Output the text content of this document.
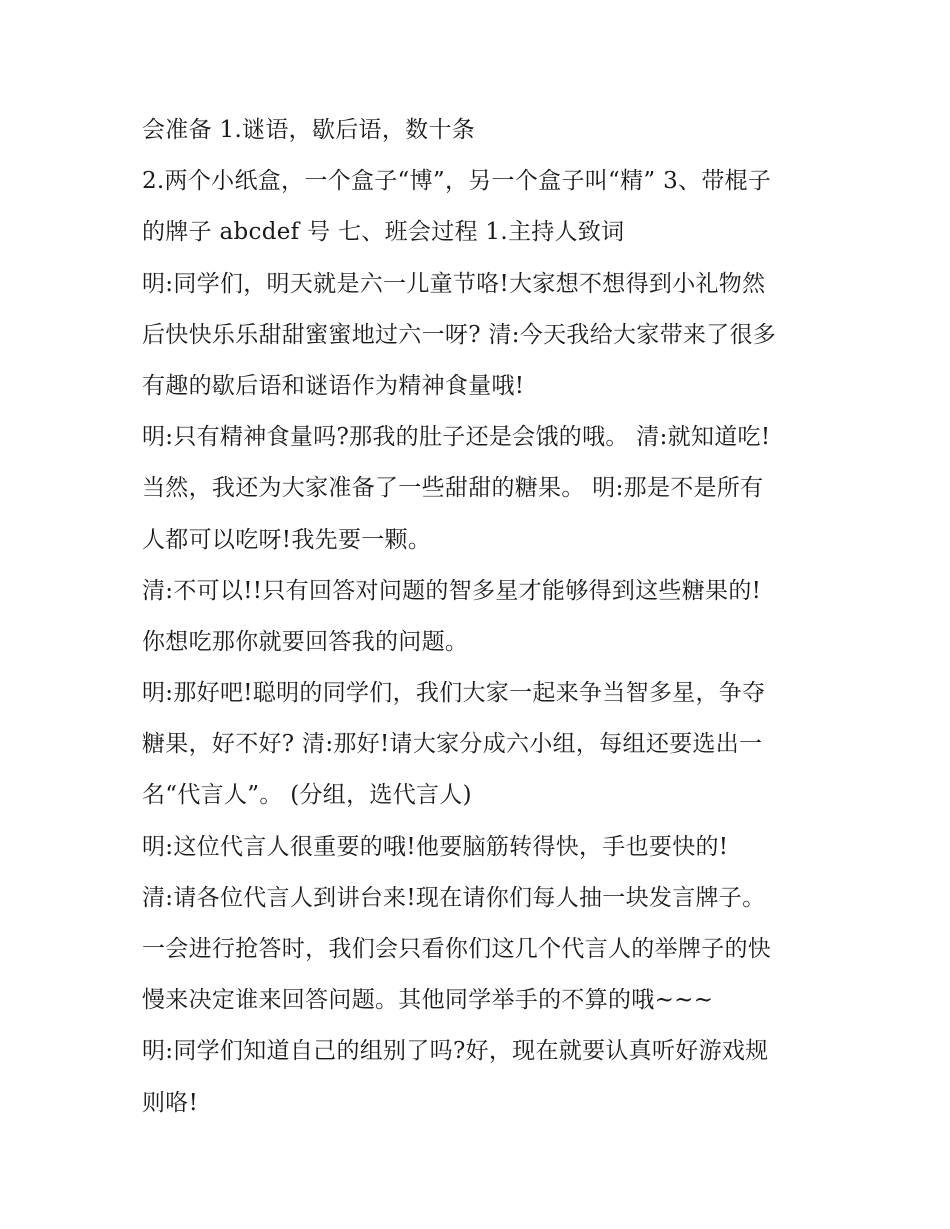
会准备 1.谜语，歇后语，数十条
2.两个小纸盒，一个盒子“博”，另一个盒子叫“精” 3、带棍子
的牌子 abcdef 号 七、班会过程 1.主持人致词
明:同学们，明天就是六一儿童节咯!大家想不想得到小礼物然
后快快乐乐甜甜蜜蜜地过六一呀? 清:今天我给大家带来了很多
有趣的歇后语和谜语作为精神食量哦!
明:只有精神食量吗?那我的肚子还是会饿的哦。 清:就知道吃!
当然，我还为大家准备了一些甜甜的糖果。 明:那是不是所有
人都可以吃呀!我先要一颗。
清:不可以!!只有回答对问题的智多星才能够得到这些糖果的!
你想吃那你就要回答我的问题。
明:那好吧!聪明的同学们，我们大家一起来争当智多星，争夺
糖果，好不好? 清:那好!请大家分成六小组，每组还要选出一
名“代言人”。 (分组，选代言人)
明:这位代言人很重要的哦!他要脑筋转得快，手也要快的!
清:请各位代言人到讲台来!现在请你们每人抽一块发言牌子。
一会进行抢答时，我们会只看你们这几个代言人的举牌子的快
慢来决定谁来回答问题。其他同学举手的不算的哦~~~
明:同学们知道自己的组别了吗?好，现在就要认真听好游戏规
则咯!
